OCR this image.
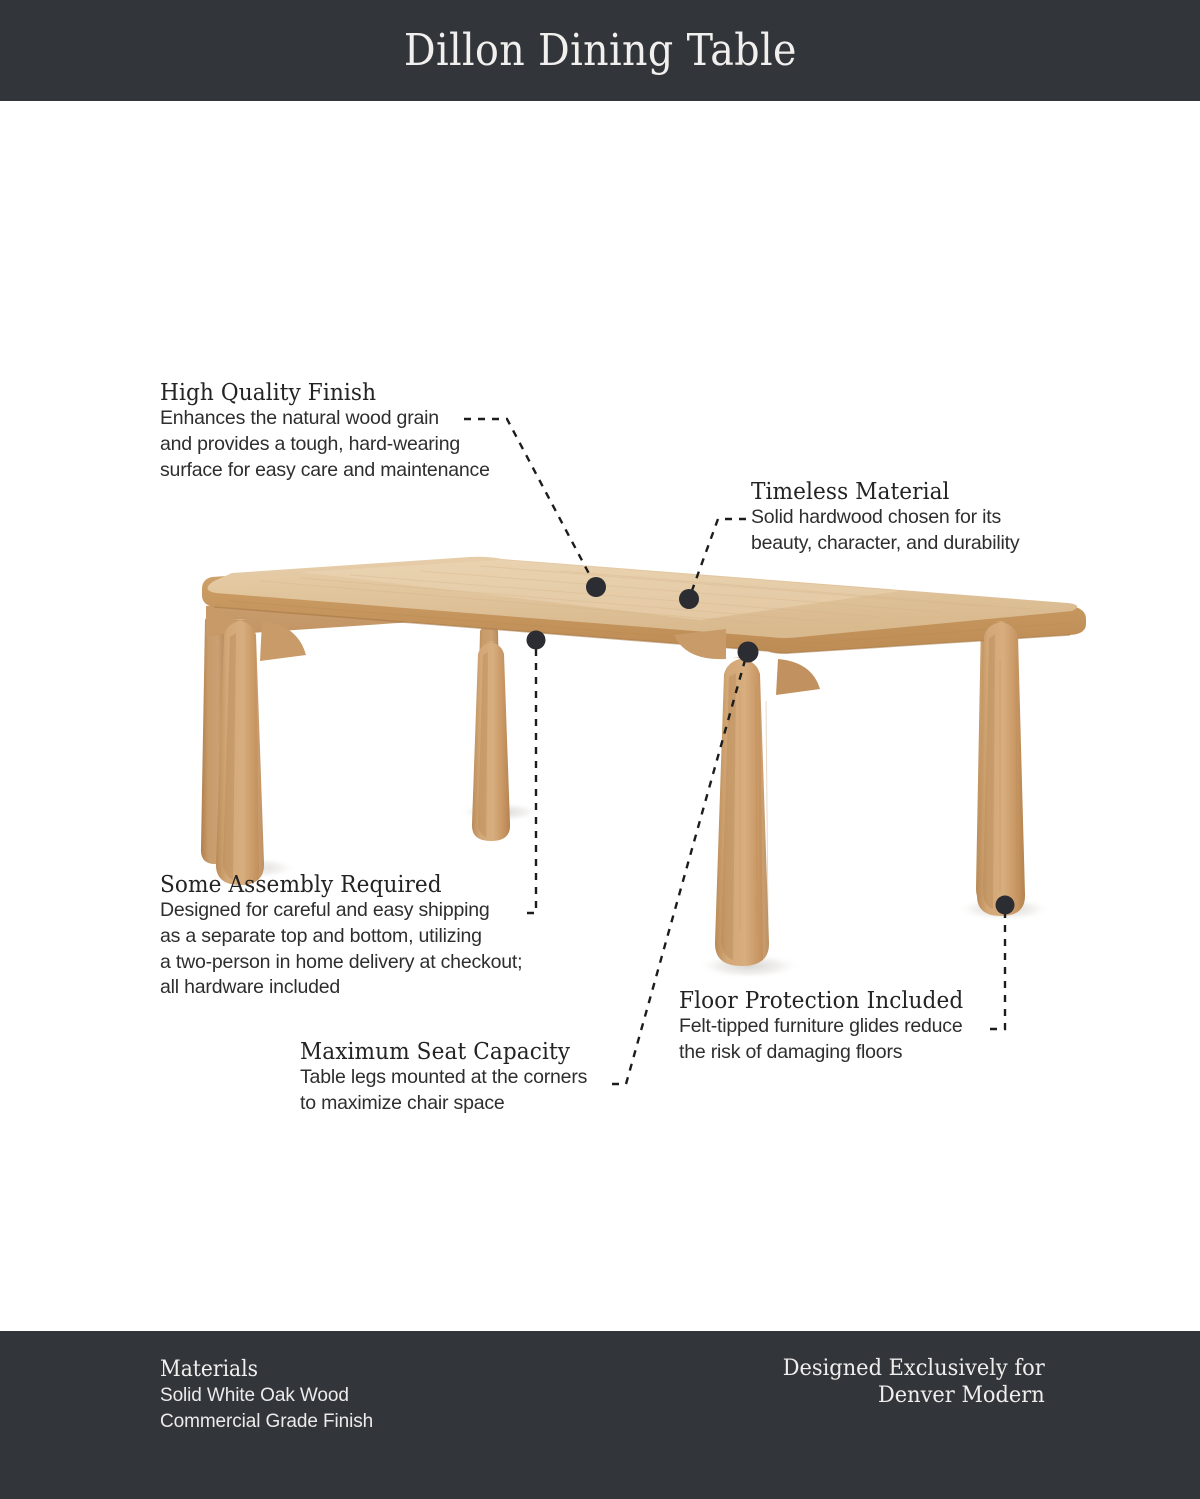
Dillon Dining Table
High Quality Finish
Enhances the natural wood grain
and provides a tough, hard-wearing
surface for easy care and maintenance
Timeless Material
Solid hardwood chosen for its
beauty, character, and durability
Some Assembly Required
Designed for careful and easy shipping
as a separate top and bottom, utilizing
a two-person in home delivery at checkout;
all hardware included
Maximum Seat Capacity
Table legs mounted at the corners
to maximize chair space
Floor Protection Included
Felt-tipped furniture glides reduce
the risk of damaging floors
Materials
Solid White Oak Wood
Commercial Grade Finish
Designed Exclusively for
Denver Modern
